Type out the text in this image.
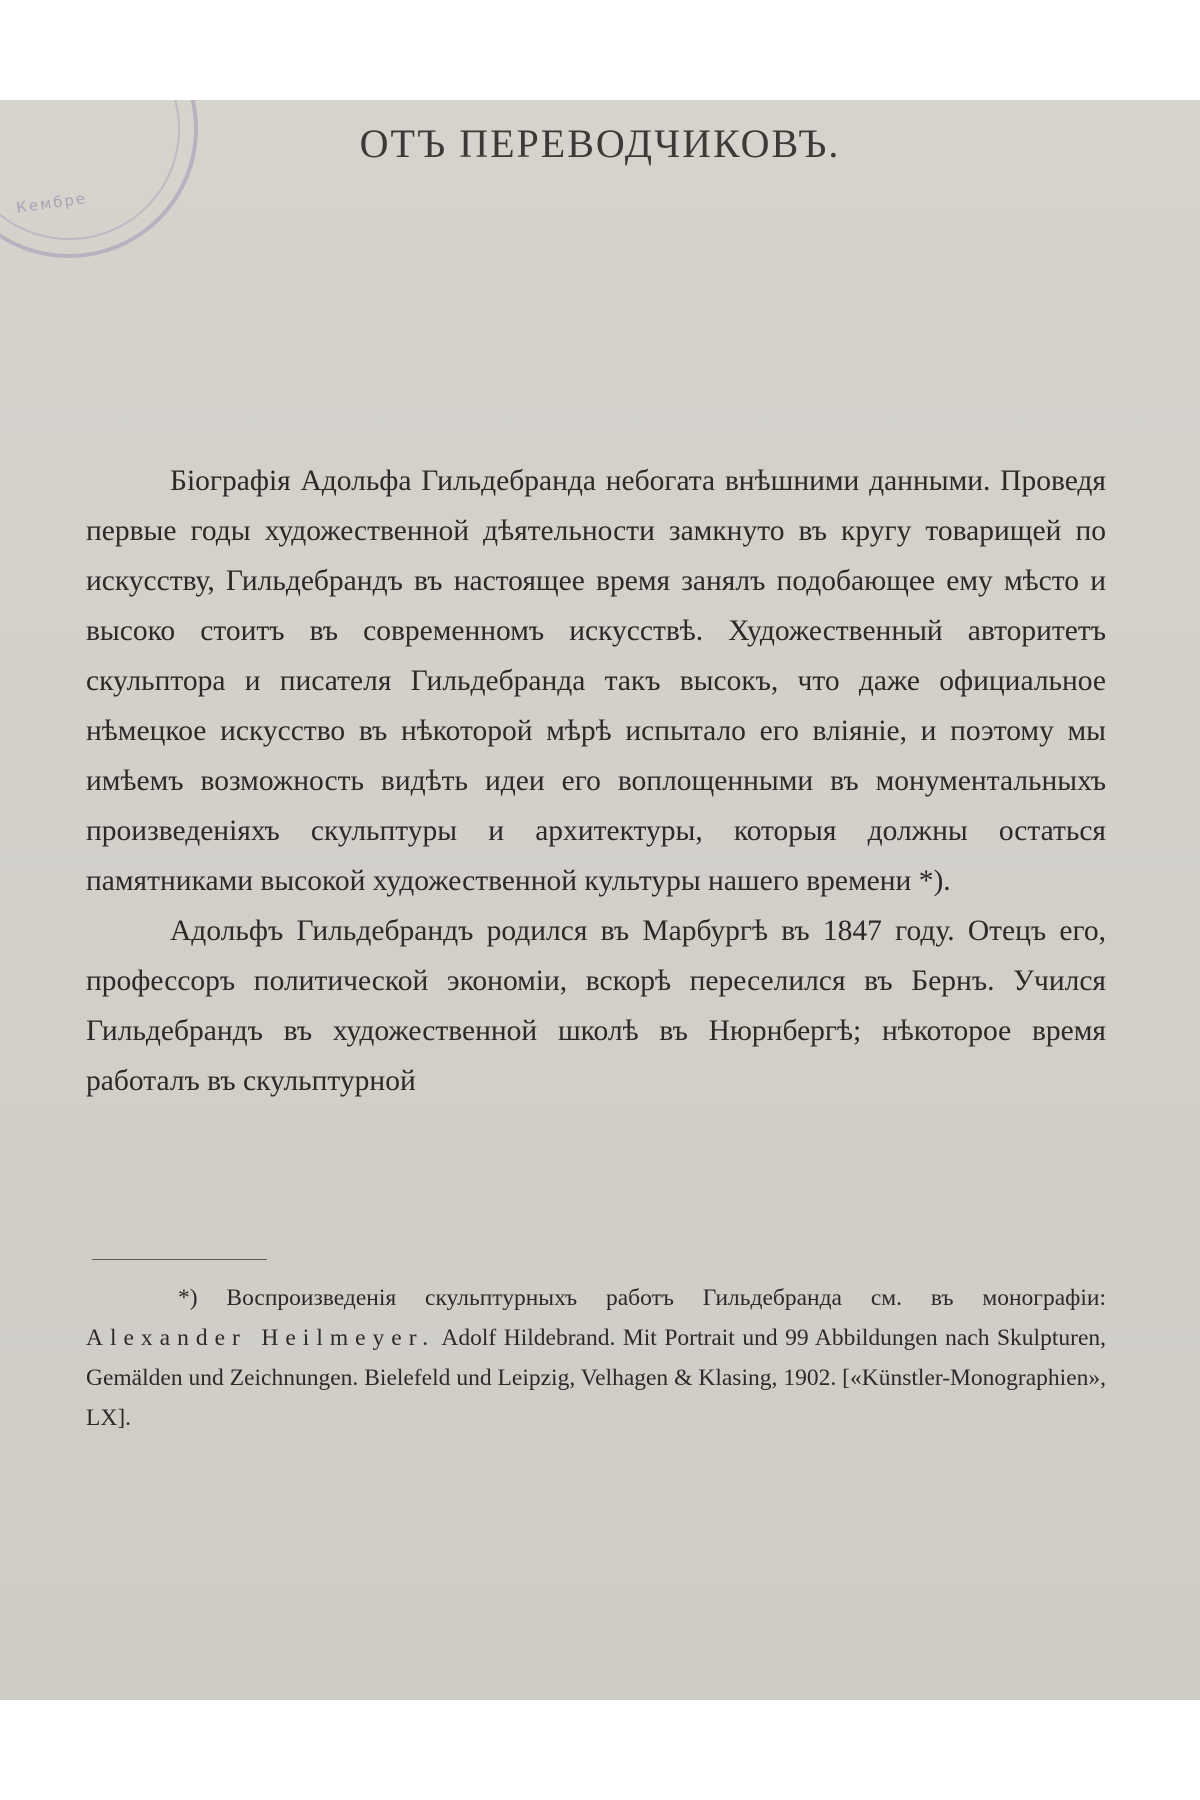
Кембре
ОТЪ ПЕРЕВОДЧИКОВЪ.

Біографія Адольфа Гильдебранда небогата внѣшними данными. Проведя первые годы художественной дѣятельности замкнуто въ кругу товарищей по искусству, Гильдебрандъ въ настоящее время занялъ подобающее ему мѣсто и высоко стоитъ въ современномъ искусствѣ. Художественный авторитетъ скульптора и писателя Гильдебранда такъ высокъ, что даже официальное нѣмецкое искусство въ нѣкоторой мѣрѣ испытало его вліяніе, и поэтому мы имѣемъ возможность видѣть идеи его воплощенными въ монументальныхъ произведеніяхъ скульптуры и архитектуры, которыя должны остаться памятниками высокой художественной культуры нашего времени *).

Адольфъ Гильдебрандъ родился въ Марбургѣ въ 1847 году. Отецъ его, профессоръ политической экономіи, вскорѣ переселился въ Бернъ. Учился Гильдебрандъ въ художественной школѣ въ Нюрнбергѣ; нѣкоторое время работалъ въ скульптурной

*) Воспроизведенія скульптурныхъ работъ Гильдебранда см. въ монографіи: Alexander Heilmeyer. Adolf Hildebrand. Mit Portrait und 99 Abbildungen nach Skulpturen, Gemälden und Zeichnungen. Bielefeld und Leipzig, Velhagen & Klasing, 1902. [«Künstler-Monographien», LX].
